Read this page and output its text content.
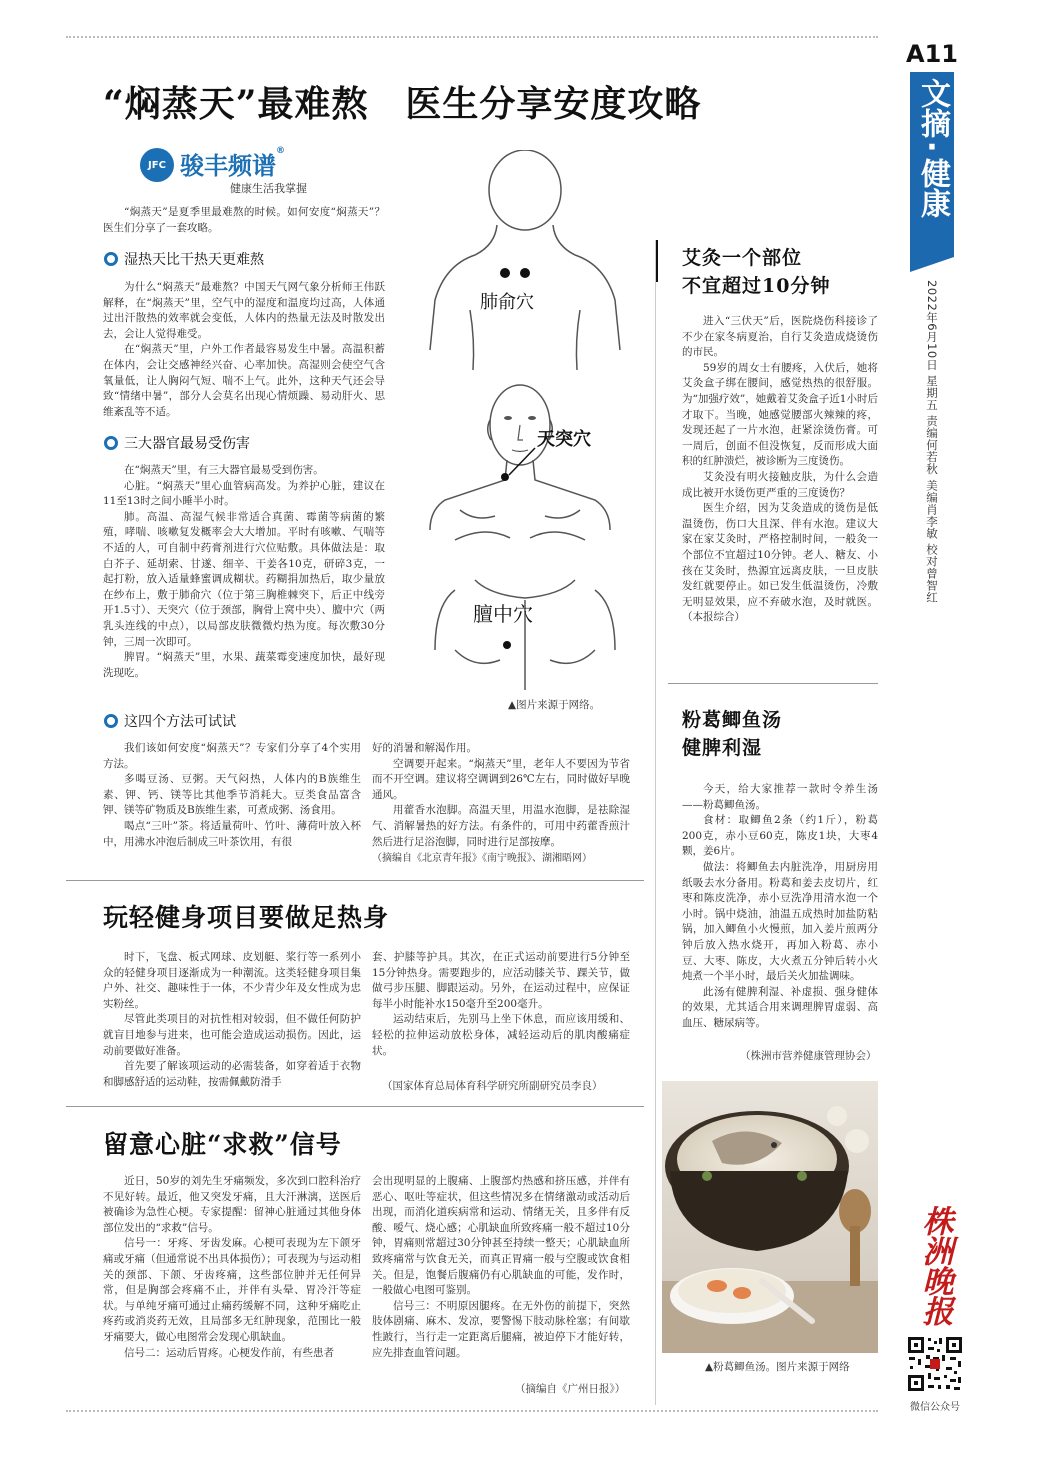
A11
文摘
·
健康
2022年6月10日 星期五 责编何若秋 美编肖李敏 校对曾智红
株洲晚报
微信公众号
“焖蒸天”最难熬　医生分享安度攻略
JFC 骏丰频谱®
健康生活我掌握

“焖蒸天”是夏季里最难熬的时候。如何安度“焖蒸天”？医生们分享了一套攻略。

湿热天比干热天更难熬

为什么“焖蒸天”最难熬？中国天气网气象分析师王伟跃解释，在“焖蒸天”里，空气中的湿度和温度均过高，人体通过出汗散热的效率就会变低，人体内的热量无法及时散发出去，会让人觉得难受。

在“焖蒸天”里，户外工作者最容易发生中暑。高温积蓄在体内，会让交感神经兴奋、心率加快。高湿则会使空气含氧量低，让人胸闷气短、喘不上气。此外，这种天气还会导致“情绪中暑”，部分人会莫名出现心情烦躁、易动肝火、思维紊乱等不适。

三大器官最易受伤害

在“焖蒸天”里，有三大器官最易受到伤害。

心脏。“焖蒸天”里心血管病高发。为养护心脏，建议在11至13时之间小睡半小时。

肺。高温、高湿气候非常适合真菌、霉菌等病菌的繁殖，哮喘、咳嗽复发概率会大大增加。平时有咳嗽、气喘等不适的人，可自制中药膏剂进行穴位贴敷。具体做法是：取白芥子、延胡索、甘遂、细辛、干姜各10克，研碎3克，一起打粉，放入适量蜂蜜调成糊状。药糊捐加热后，取少量放在纱布上，敷于肺俞穴（位于第三胸椎棘突下，后正中线旁开1.5寸）、天突穴（位于颈部，胸骨上窝中央）、膻中穴（两乳头连线的中点），以局部皮肤微微灼热为度。每次敷30分钟，三周一次即可。

脾胃。“焖蒸天”里，水果、蔬菜霉变速度加快，最好现洗现吃。

肺俞穴
天突穴
膻中穴
▲图片来源于网络。
这四个方法可试试

我们该如何安度“焖蒸天”？专家们分享了4个实用方法。

多喝豆汤、豆粥。天气闷热，人体内的B族维生素、钾、钙、镁等比其他季节消耗大。豆类食品富含钾、镁等矿物质及B族维生素，可煮成粥、汤食用。

喝点“三叶”茶。将适量荷叶、竹叶、薄荷叶放入杯中，用沸水冲泡后制成三叶茶饮用，有很

好的消暑和解渴作用。

空调要开起来。“焖蒸天”里，老年人不要因为节省而不开空调。建议将空调调到26℃左右，同时做好早晚通风。

用藿香水泡脚。高温天里，用温水泡脚，是祛除湿气、消解暑热的好方法。有条件的，可用中药藿香煎汁然后进行足浴泡脚，同时进行足部按摩。

（摘编自《北京青年报》《南宁晚报》、湖湘晤网）

玩轻健身项目要做足热身

时下，飞盘、板式网球、皮划艇、桨行等一系列小众的轻健身项目逐渐成为一种潮流。这类轻健身项目集户外、社交、趣味性于一体，不少青少年及女性成为忠实粉丝。

尽管此类项目的对抗性相对较弱，但不做任何防护就盲目地参与进来，也可能会造成运动损伤。因此，运动前要做好准备。

首先要了解该项运动的必需装备，如穿着适于衣物和脚感舒适的运动鞋，按需佩戴防滑手

套、护膝等护具。其次，在正式运动前要进行5分钟至15分钟热身。需要跑步的，应活动膝关节、踝关节，做做弓步压腿、脚跟运动。另外，在运动过程中，应保证每半小时能补水150毫升至200毫升。

运动结束后，先别马上坐下休息，而应该用缓和、轻松的拉伸运动放松身体，减轻运动后的肌肉酸痛症状。

（国家体育总局体育科学研究所副研究员李良）
留意心脏“求救”信号

近日，50岁的刘先生牙痛频发，多次到口腔科治疗不见好转。最近，他又突发牙痛，且大汗淋漓，送医后被确诊为急性心梗。专家提醒：留神心脏通过其他身体部位发出的“求救”信号。

信号一：牙疼、牙齿发麻。心梗可表现为左下颌牙痛或牙痛（但通常说不出具体损伤）；可表现为与运动相关的颈部、下颌、牙齿疼痛，这些部位肿并无任何异常，但是胸部会疼痛不止，并伴有头晕、胃冷汗等症状。与单纯牙痛可通过止痛药缓解不同，这种牙痛吃止疼药或消炎药无效，且局部多无红肿现象，范围比一般牙痛要大，做心电图常会发现心肌缺血。

信号二：运动后胃疼。心梗发作前，有些患者

会出现明显的上腹痛、上腹部灼热感和挤压感，并伴有恶心、呕吐等症状，但这些情况多在情绪激动或活动后出现，而消化道疾病常和运动、情绪无关，且多伴有反酸、嗳气、烧心感；心肌缺血所致疼痛一般不超过10分钟，胃痛则常超过30分钟甚至持续一整天；心肌缺血所致疼痛常与饮食无关，而真正胃痛一般与空腹或饮食相关。但是，饱餐后腹痛仍有心肌缺血的可能，发作时，一般做心电图可鉴别。

信号三：不明原因腿疼。在无外伤的前提下，突然肢体剧痛、麻木、发凉，要警惕下肢动脉栓塞；有间歇性跛行，当行走一定距离后腿痛，被迫停下才能好转，应先排查血管问题。

（摘编自《广州日报》）
艾灸一个部位
不宜超过10分钟

进入“三伏天”后，医院烧伤科接诊了不少在家冬病夏治，自行艾灸造成烧烫伤的市民。

59岁的周女士有腰疼，入伏后，她将艾灸盒子绑在腰间，感觉热热的很舒服。为“加强疗效”，她戴着艾灸盒子近1小时后才取下。当晚，她感觉腰部火辣辣的疼，发现还起了一片水泡，赶紧涂烫伤膏。可一周后，创面不但没恢复，反而形成大面积的红肿溃烂，被诊断为三度烫伤。

艾灸没有明火接触皮肤，为什么会造成比被开水烫伤更严重的三度烫伤？

医生介绍，因为艾灸造成的烫伤是低温烫伤，伤口大且深、伴有水泡。建议大家在家艾灸时，严格控制时间，一般灸一个部位不宜超过10分钟。老人、糖友、小孩在艾灸时，热源宜远离皮肤，一旦皮肤发红就要停止。如已发生低温烫伤，冷敷无明显效果，应不弃破水泡，及时就医。（本报综合）

粉葛鲫鱼汤
健脾利湿

今天，给大家推荐一款时令养生汤——粉葛鲫鱼汤。

食材：取鲫鱼2条（约1斤），粉葛200克，赤小豆60克，陈皮1块，大枣4颗，姜6片。

做法：将鲫鱼去内脏洗净，用厨房用纸吸去水分备用。粉葛和姜去皮切片，红枣和陈皮洗净，赤小豆洗净用清水泡一个小时。锅中烧油，油温五成热时加盐防粘锅，加入鲫鱼小火慢煎，加入姜片煎两分钟后放入热水烧开，再加入粉葛、赤小豆、大枣、陈皮，大火煮五分钟后转小火炖煮一个半小时，最后关火加盐调味。

此汤有健脾利湿、补虚损、强身健体的效果，尤其适合用来调理脾胃虚弱、高血压、糖尿病等。

（株洲市营养健康管理协会）
▲粉葛鲫鱼汤。图片来源于网络
